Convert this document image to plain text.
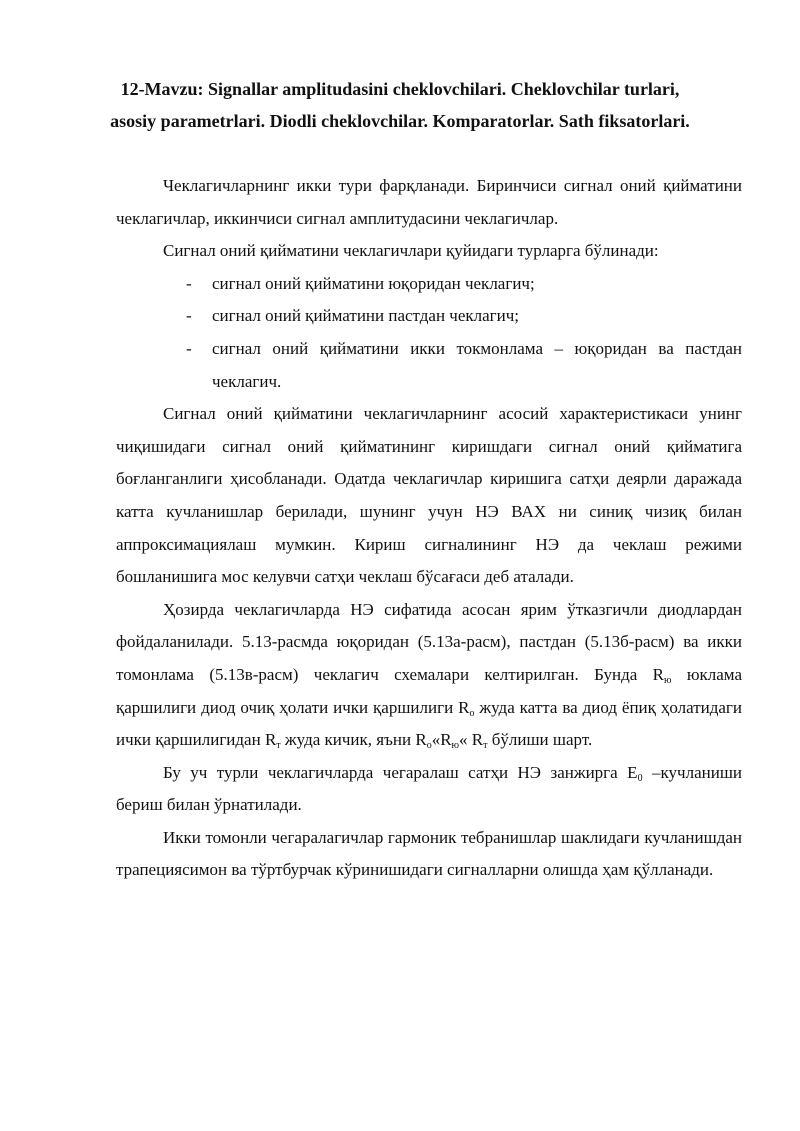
12-Mavzu: Signallar amplitudasini cheklovchilari. Cheklovchilar turlari,
asosiy parametrlari. Diodli cheklovchilar. Komparatorlar. Sath fiksatorlari.

Чеклагичларнинг икки тури фарқланади. Биринчиси сигнал оний қийматини чеклагичлар, иккинчиси сигнал амплитудасини чеклагичлар.

Сигнал оний қийматини чеклагичлари қуйидаги турларга бўлинади:

- сигнал оний қийматини юқоридан чеклагич;
- сигнал оний қийматини пастдан чеклагич;
- сигнал оний қийматини икки токмонлама – юқоридан ва пастдан чеклагич.

Сигнал оний қийматини чеклагичларнинг асосий характеристикаси унинг чиқишидаги сигнал оний қийматининг киришдаги сигнал оний қийматига боғланганлиги ҳисобланади. Одатда чеклагичлар киришига сатҳи деярли даражада катта кучланишлар берилади, шунинг учун НЭ ВАХ ни синиқ чизиқ билан аппроксимациялаш мумкин. Кириш сигналининг НЭ да чеклаш режими бошланишига мос келувчи сатҳи чеклаш бўсағаси деб аталади.

Ҳозирда чеклагичларда НЭ сифатида асосан ярим ўтказгичли диодлардан фойдаланилади. 5.13-расмда юқоридан (5.13а-расм), пастдан (5.13б-расм) ва икки томонлама (5.13в-расм) чеклагич схемалари келтирилган. Бунда $R_ю$ юклама қаршилиги диод очиқ ҳолати ички қаршилиги $R_о$ жуда катта ва диод ёпиқ ҳолатидаги ички қаршилигидан $R_т$ жуда кичик, яъни $R_о«R_ю«$ $R_т$ бўлиши шарт.

Бу уч турли чеклагичларда чегаралаш сатҳи НЭ занжирга $E_0$ –кучланиши бериш билан ўрнатилади.

Икки томонли чегаралагичлар гармоник тебранишлар шаклидаги кучланишдан трапециясимон ва тўртбурчак кўринишидаги сигналларни олишда ҳам қўлланади.
